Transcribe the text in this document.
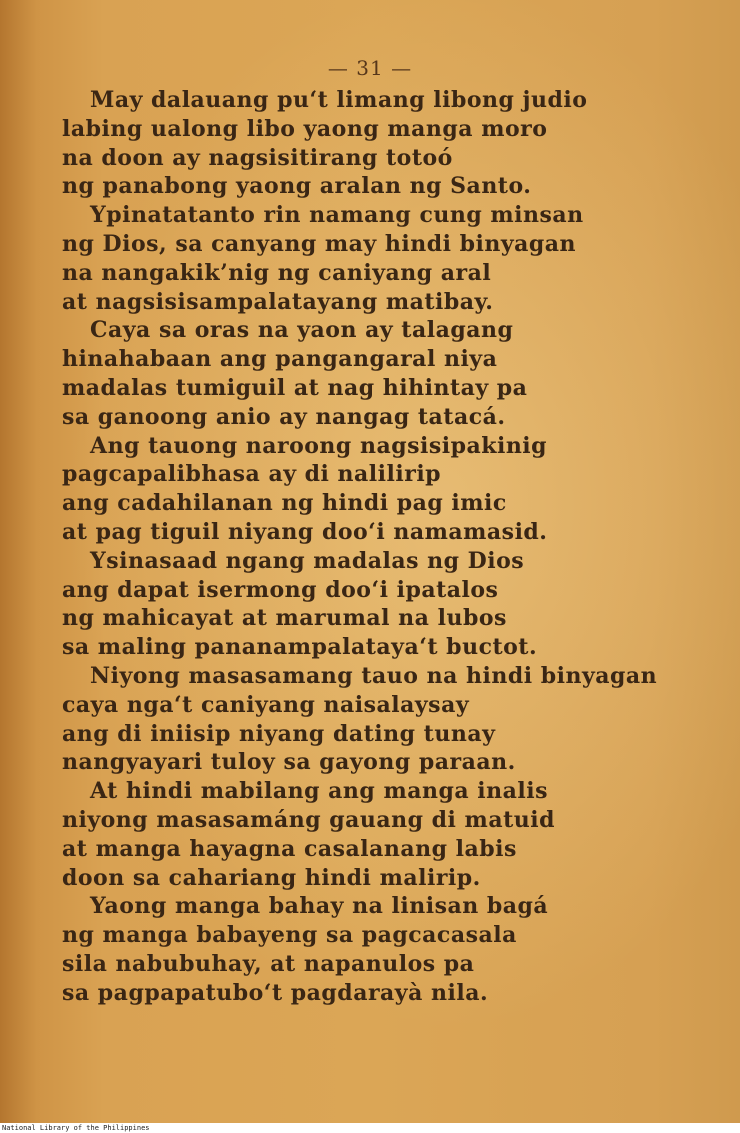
— 31 —
May dalauang pu‘t limang libong judio
labing ualong libo yaong manga moro
na doon ay nagsisitirang totoó
ng panabong yaong aralan ng Santo.
Ypinatatanto rin namang cung minsan
ng Dios, sa canyang may hindi binyagan
na nangakik’nig ng caniyang aral
at nagsisisampalatayang matibay.
Caya sa oras na yaon ay talagang
hinahabaan ang pangangaral niya
madalas tumiguil at nag hihintay pa
sa ganoong anio ay nangag tatacá.
Ang tauong naroong nagsisipakinig
pagcapalibhasa ay di nalilirip
ang cadahilanan ng hindi pag imic
at pag tiguil niyang doo‘i namamasid.
Ysinasaad ngang madalas ng Dios
ang dapat isermong doo‘i ipatalos
ng mahicayat at marumal na lubos
sa maling pananampalataya‘t buctot.
Niyong masasamang tauo na hindi binyagan
caya nga‘t caniyang naisalaysay
ang di iniisip niyang dating tunay
nangyayari tuloy sa gayong paraan.
At hindi mabilang ang manga inalis
niyong masasamáng gauang di matuid
at manga hayagna casalanang labis
doon sa cahariang hindi malirip.
Yaong manga bahay na linisan bagá
ng manga babayeng sa pagcacasala
sila nabubuhay, at napanulos pa
sa pagpapatubo‘t pagdarayà nila.
National Library of the Philippines
